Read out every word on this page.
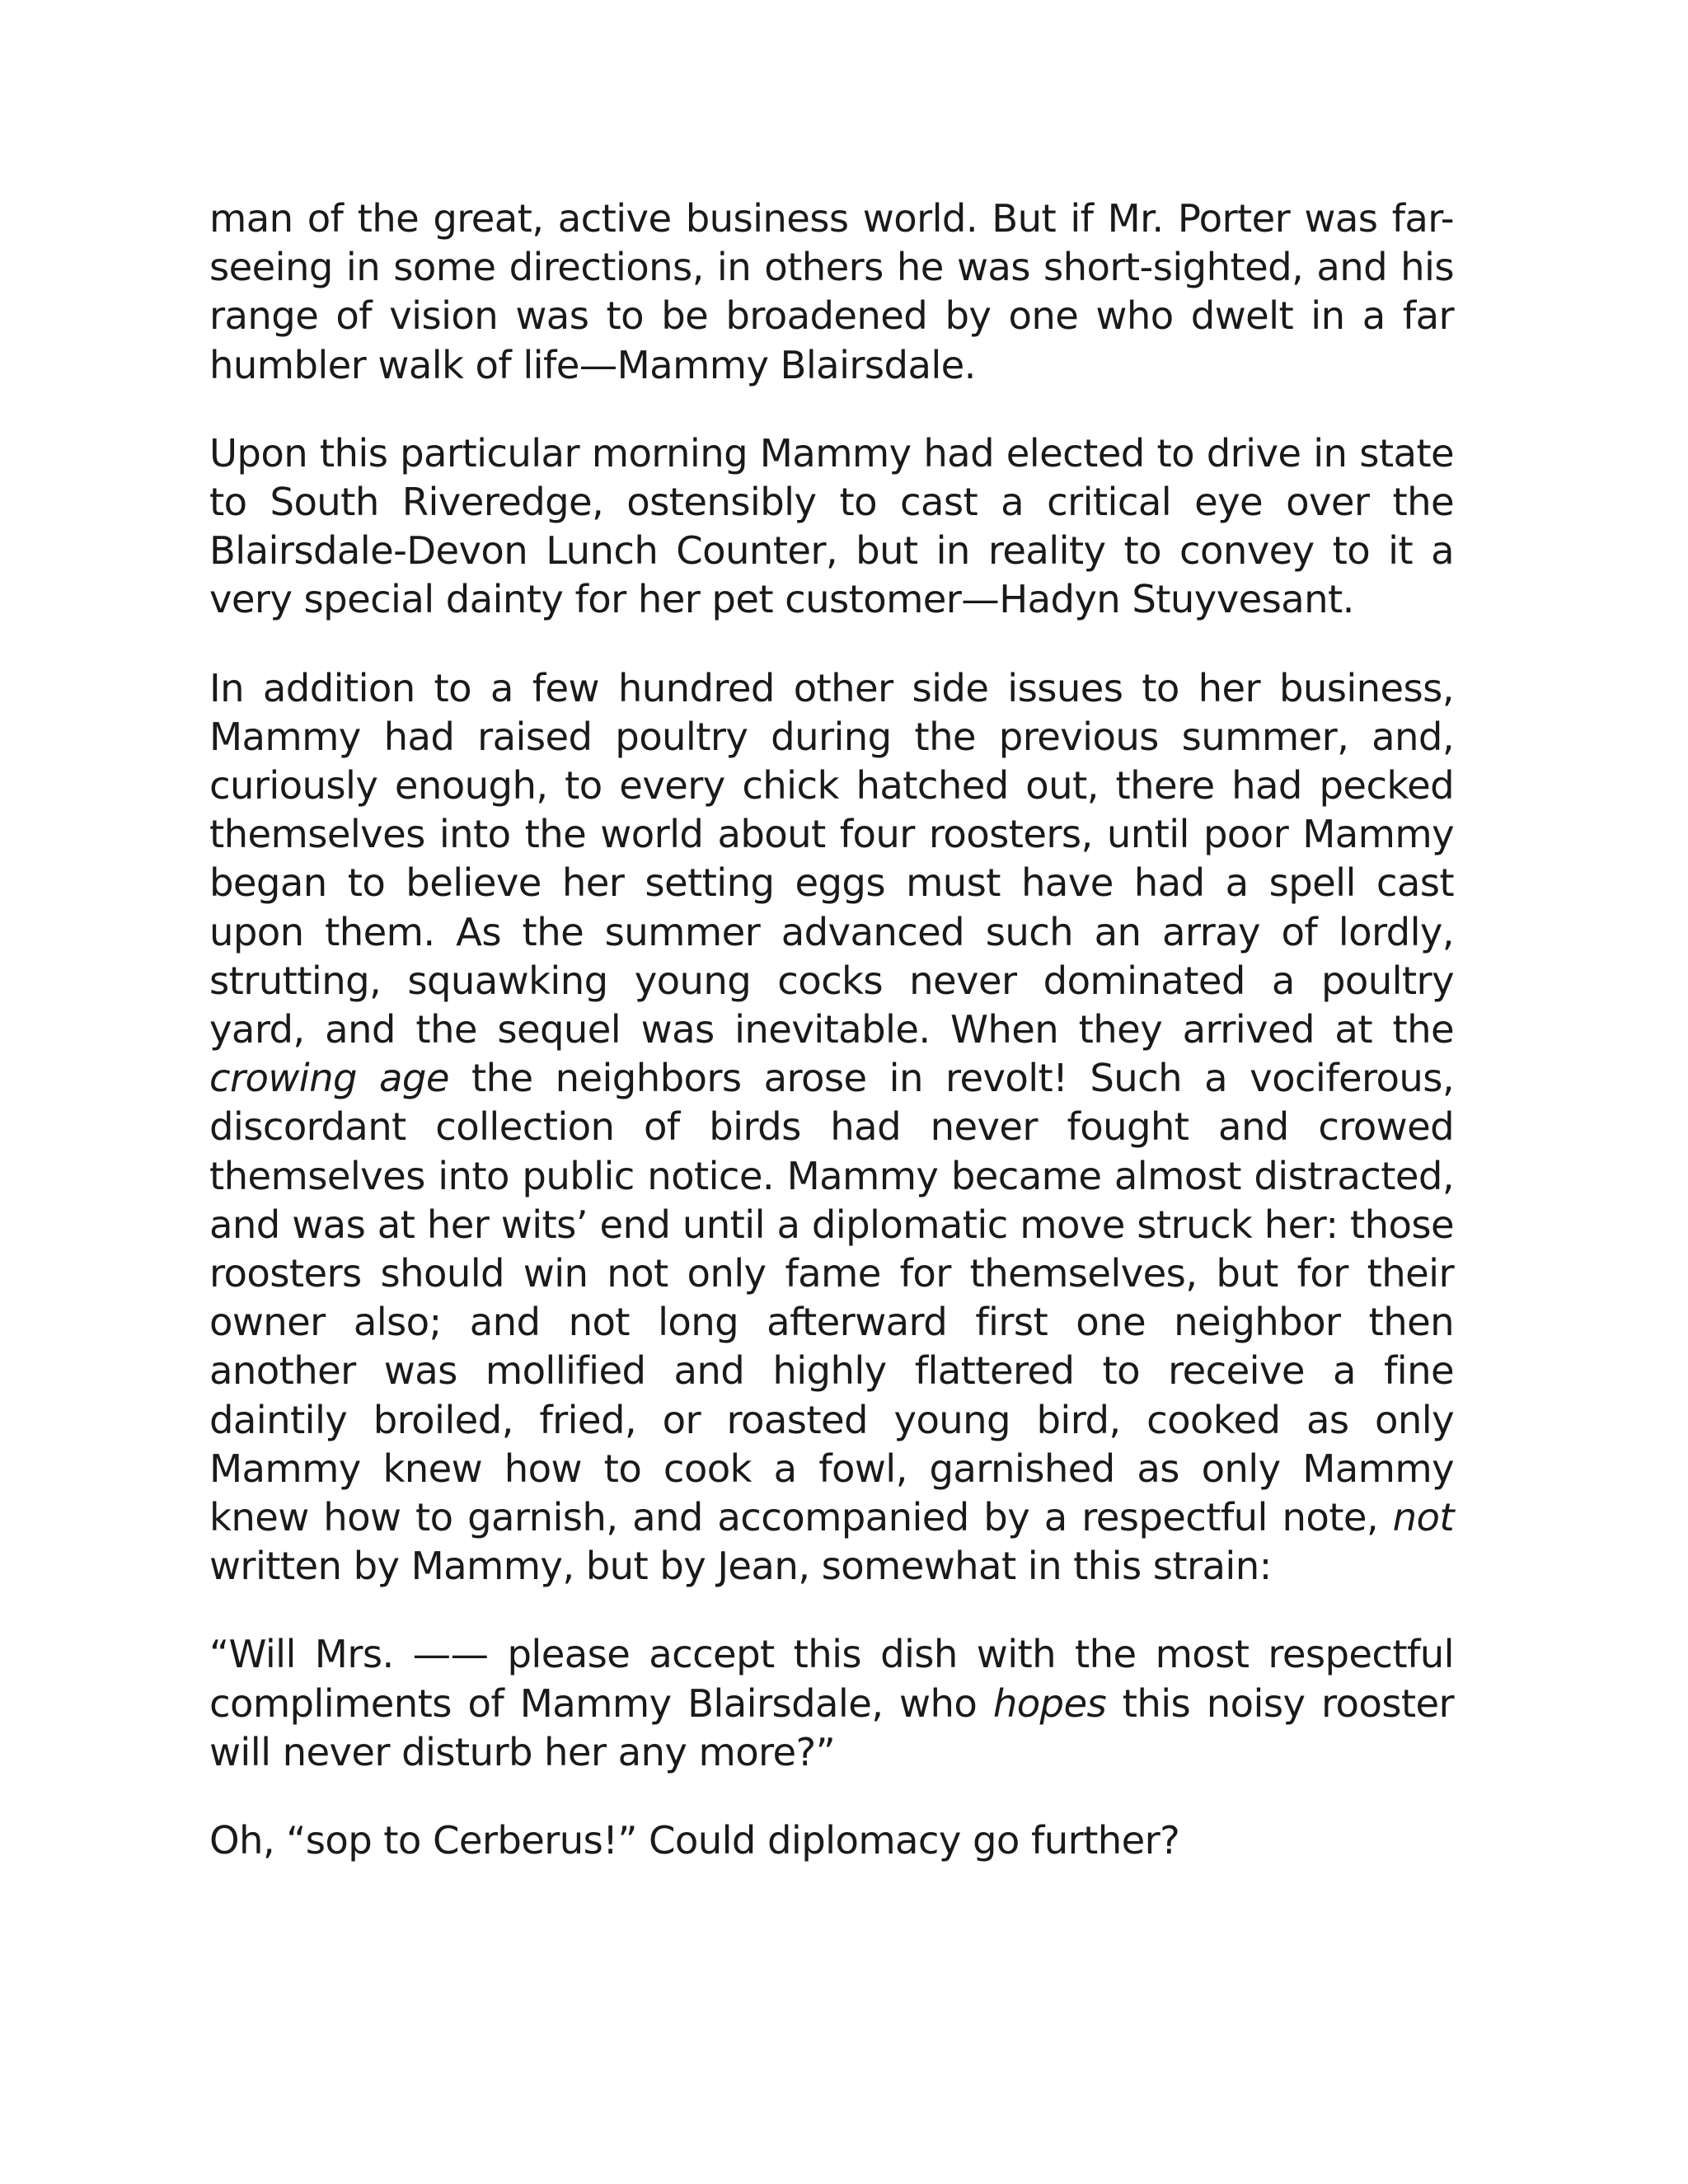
man of the great, active business world. But if Mr. Porter was far-seeing in some directions, in others he was short-sighted, and his range of vision was to be broadened by one who dwelt in a far humbler walk of life—Mammy Blairsdale.

Upon this particular morning Mammy had elected to drive in state to South Riveredge, ostensibly to cast a critical eye over the Blairsdale-Devon Lunch Counter, but in reality to convey to it a very special dainty for her pet customer—Hadyn Stuyvesant.

In addition to a few hundred other side issues to her business, Mammy had raised poultry during the previous summer, and, curiously enough, to every chick hatched out, there had pecked themselves into the world about four roosters, until poor Mammy began to believe her setting eggs must have had a spell cast upon them. As the summer advanced such an array of lordly, strutting, squawking young cocks never dominated a poultry yard, and the sequel was inevitable. When they arrived at the crowing age the neighbors arose in revolt! Such a vociferous, discordant collection of birds had never fought and crowed themselves into public notice. Mammy became almost distracted, and was at her wits’ end until a diplomatic move struck her: those roosters should win not only fame for themselves, but for their owner also; and not long afterward first one neighbor then another was mollified and highly flattered to receive a fine daintily broiled, fried, or roasted young bird, cooked as only Mammy knew how to cook a fowl, garnished as only Mammy knew how to garnish, and accompanied by a respectful note, not written by Mammy, but by Jean, somewhat in this strain:

“Will Mrs. —— please accept this dish with the most respectful compliments of Mammy Blairsdale, who hopes this noisy rooster will never disturb her any more?”

Oh, “sop to Cerberus!” Could diplomacy go further?
